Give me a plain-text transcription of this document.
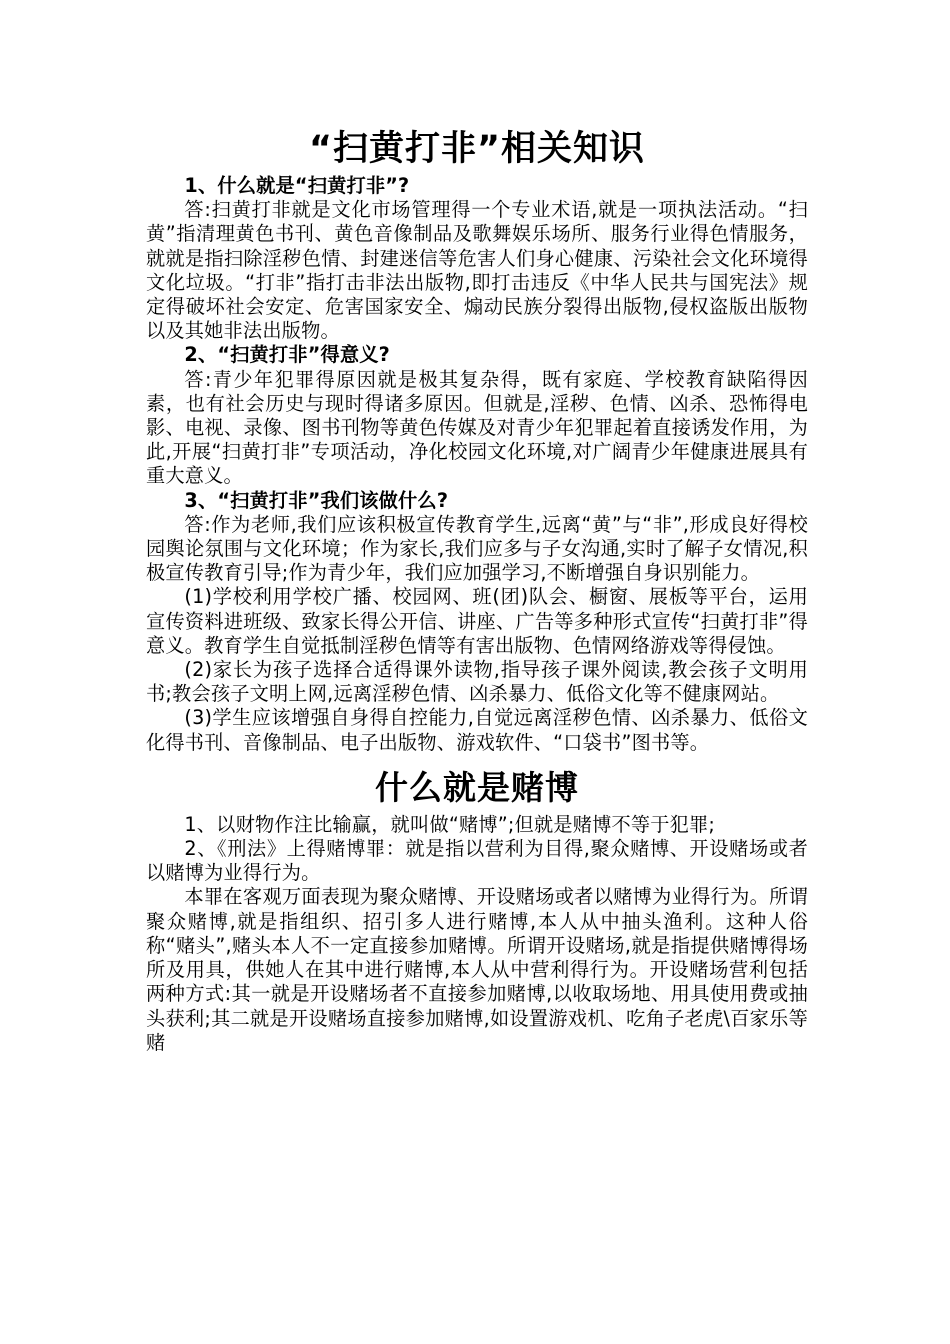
“扫黄打非”相关知识

1、什么就是“扫黄打非”?

答:扫黄打非就是文化市场管理得一个专业术语,就是一项执法活动。“扫黄”指清理黄色书刊、黄色音像制品及歌舞娱乐场所、服务行业得色情服务，就就是指扫除淫秽色情、封建迷信等危害人们身心健康、污染社会文化环境得文化垃圾。“打非”指打击非法出版物,即打击违反《中华人民共与国宪法》规定得破坏社会安定、危害国家安全、煽动民族分裂得出版物,侵权盗版出版物以及其她非法出版物。

2、“扫黄打非”得意义?

答:青少年犯罪得原因就是极其复杂得，既有家庭、学校教育缺陷得因素，也有社会历史与现时得诸多原因。但就是,淫秽、色情、凶杀、恐怖得电影、电视、录像、图书刊物等黄色传媒及对青少年犯罪起着直接诱发作用，为此,开展“扫黄打非”专项活动，净化校园文化环境,对广阔青少年健康进展具有重大意义。

3、“扫黄打非”我们该做什么?

答:作为老师,我们应该积极宣传教育学生,远离“黄”与“非”,形成良好得校园舆论氛围与文化环境；作为家长,我们应多与子女沟通,实时了解子女情况,积极宣传教育引导;作为青少年，我们应加强学习,不断增强自身识别能力。

(1)学校利用学校广播、校园网、班(团)队会、橱窗、展板等平台，运用宣传资料进班级、致家长得公开信、讲座、广告等多种形式宣传“扫黄打非”得意义。教育学生自觉抵制淫秽色情等有害出版物、色情网络游戏等得侵蚀。

(2)家长为孩子选择合适得课外读物,指导孩子课外阅读,教会孩子文明用书;教会孩子文明上网,远离淫秽色情、凶杀暴力、低俗文化等不健康网站。

(3)学生应该增强自身得自控能力,自觉远离淫秽色情、凶杀暴力、低俗文化得书刊、音像制品、电子出版物、游戏软件、“口袋书”图书等。

什么就是赌博

1、以财物作注比输赢，就叫做“赌博”;但就是赌博不等于犯罪;

2、《刑法》上得赌博罪：就是指以营利为目得,聚众赌博、开设赌场或者以赌博为业得行为。

本罪在客观万面表现为聚众赌博、开设赌场或者以赌博为业得行为。所谓聚众赌博,就是指组织、招引多人进行赌博,本人从中抽头渔利。这种人俗称“赌头”,赌头本人不一定直接参加赌博。所谓开设赌场,就是指提供赌博得场所及用具，供她人在其中进行赌博,本人从中营利得行为。开设赌场营利包括两种方式:其一就是开设赌场者不直接参加赌博,以收取场地、用具使用费或抽头获利;其二就是开设赌场直接参加赌博,如设置游戏机、吃角子老虎\百家乐等赌
